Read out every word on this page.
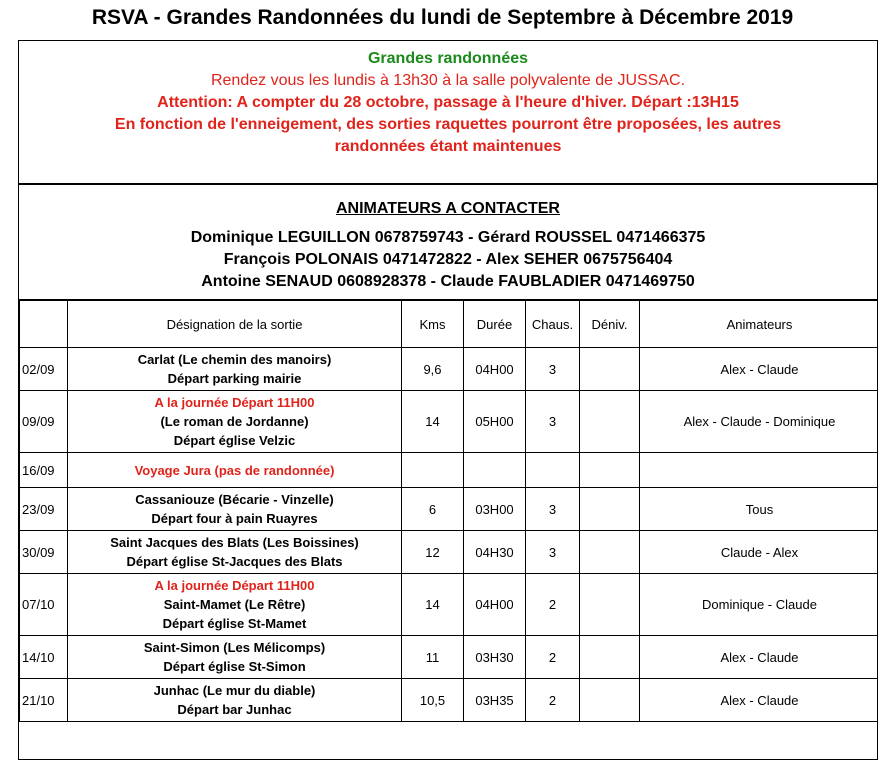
RSVA - Grandes Randonnées du lundi de Septembre à Décembre 2019
Grandes randonnées
Rendez vous les lundis à 13h30 à la salle polyvalente de JUSSAC.
Attention: A compter du 28 octobre, passage à l'heure d'hiver. Départ :13H15
En fonction de l'enneigement, des sorties raquettes pourront être proposées, les autres
randonnées étant maintenues
ANIMATEURS A CONTACTER
Dominique LEGUILLON 0678759743 - Gérard ROUSSEL 0471466375
François POLONAIS 0471472822 - Alex SEHER 0675756404
Antoine SENAUD 0608928378 - Claude FAUBLADIER 0471469750
	Désignation de la sortie	Kms	Durée	Chaus.	Déniv.	Animateurs
02/09	Carlat (Le chemin des manoirs)
Départ parking mairie	9,6	04H00	3		Alex - Claude
09/09	A la journée Départ 11H00
(Le roman de Jordanne)
Départ église Velzic	14	05H00	3		Alex - Claude - Dominique
16/09	Voyage Jura (pas de randonnée)					

23/09	Cassaniouze (Bécarie - Vinzelle)
Départ four à pain Ruayres	6	03H00	3		Tous
30/09	Saint Jacques des Blats (Les Boissines)
Départ église St-Jacques des Blats	12	04H30	3		Claude - Alex
07/10	A la journée Départ 11H00
Saint-Mamet (Le Rêtre)
Départ église St-Mamet	14	04H00	2		Dominique - Claude
14/10	Saint-Simon (Les Mélicomps)
Départ église St-Simon	11	03H30	2		Alex - Claude
21/10	Junhac (Le mur du diable)
Départ bar Junhac	10,5	03H35	2		Alex - Claude
